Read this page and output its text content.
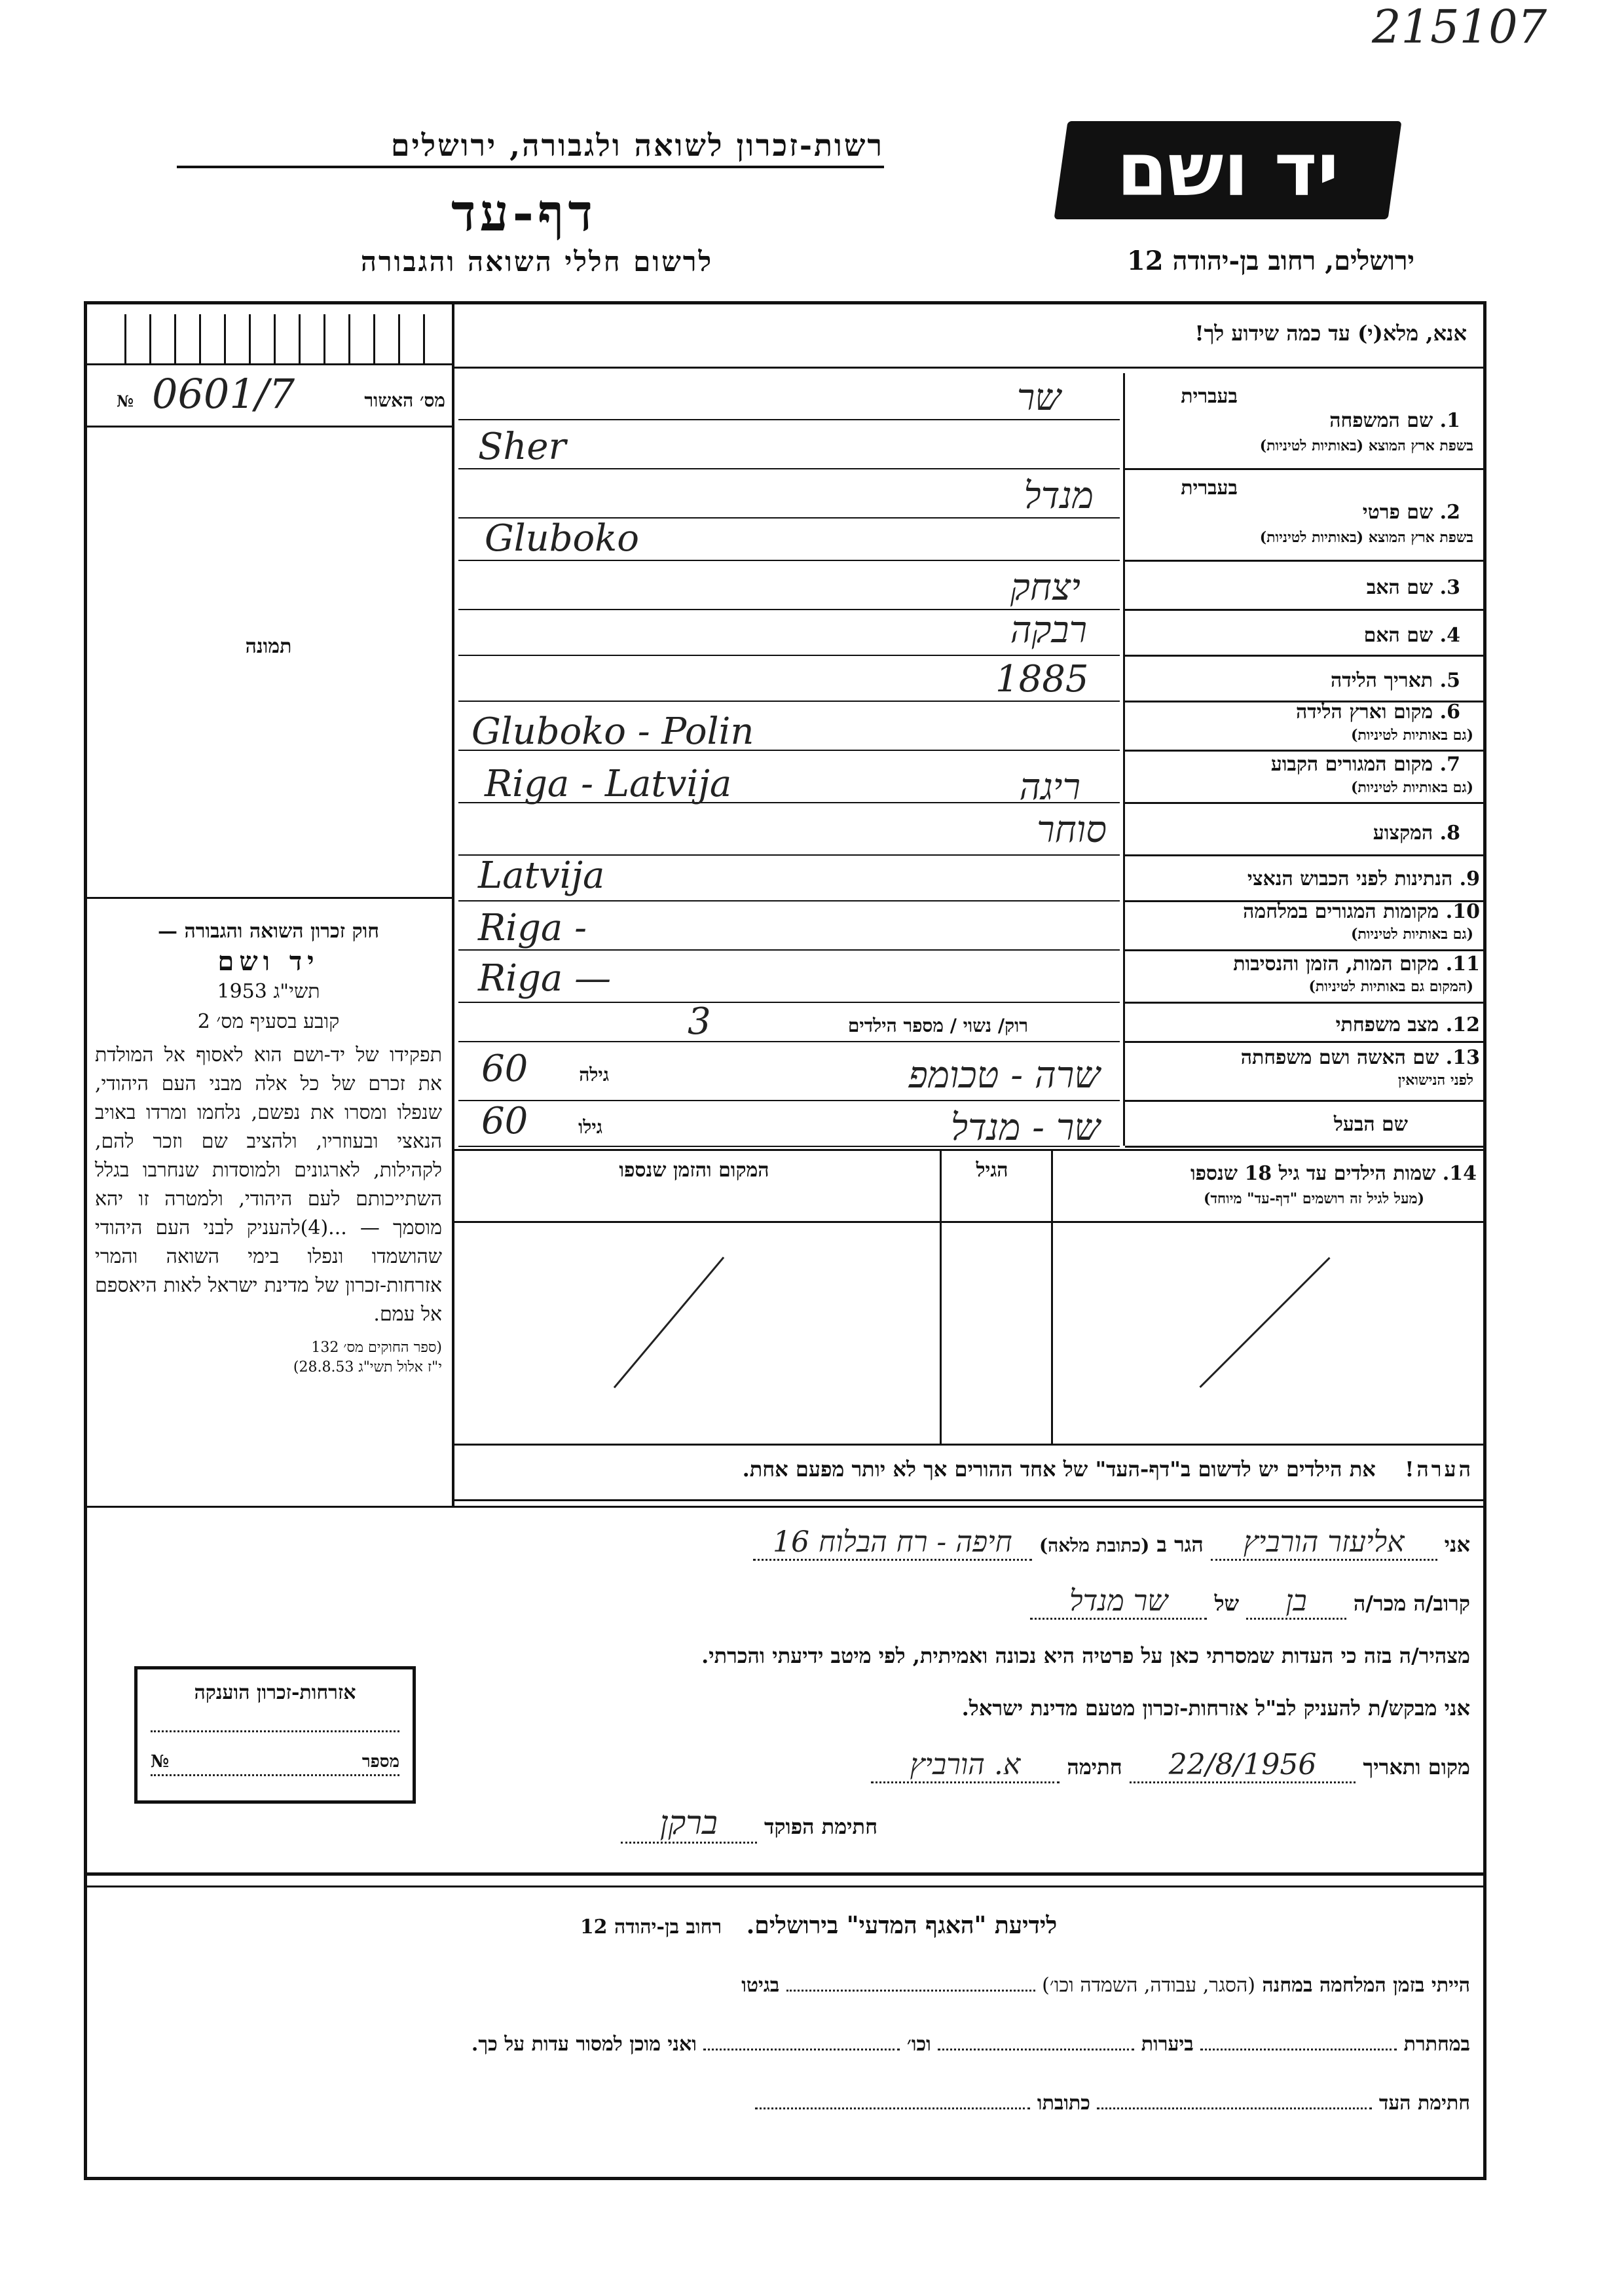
215107
רשות-זכרון לשואה ולגבורה, ירושלים
דף-עד
לרשום חללי השואה והגבורה
יד ושם
ירושלים, רחוב בן-יהודה 12
אנא, מלא(י) עד כמה שידוע לך!
№ 0601/7	מס׳ האשור
תמונה
חוק זכרון השואה והגבורה —
יד ושם
תשי"ג 1953
קובע בסעיף מס׳ 2
תפקידו של יד-ושם הוא לאסוף אל המולדת את זכרם של כל אלה מבני העם היהודי, שנפלו ומסרו את נפשם, נלחמו ומרדו באויב הנאצי ובעוזריו, ולהציב שם וזכר להם, לקהילות, לארגונים ולמוסדות שנחרבו בגלל השתייכותם לעם היהודי, ולמטרה זו יהא מוסמך — ...(4)להעניק לבני העם היהודי שהושמדו ונפלו בימי השואה והמרי אזרחות-זכרון של מדינת ישראל לאות היאספם אל עמם.
(ספר החוקים מס׳ 132
י"ז אלול תשי"ג 28.8.53)
בעברית
1. שם המשפחה
בשפת ארץ המוצא (באותיות לטיניות)
שר
Sher
בעברית
2. שם פרטי
בשפת ארץ המוצא (באותיות לטיניות)
מנדל
Gluboko
3. שם האב
יצחק
4. שם האם
רבקה
5. תאריך הלידה
1885
6. מקום וארץ הלידה
(גם באותיות לטיניות)
Gluboko - Polin
7. מקום המגורים הקבוע
(גם באותיות לטיניות)
Riga - Latvija	ריגה
8. המקצוע
סוחר
9. הנתינות לפני הכבוש הנאצי
Latvija
10. מקומות המגורים במלחמה
(גם באותיות לטיניות)
Riga -
11. מקום המות, הזמן והנסיבות
(המקום גם באותיות לטיניות)
Riga —
12. מצב משפחתי
רוק/ נשוי / מספר הילדים
3
13. שם האשה ושם משפחתה
לפני הנישואין
60	גילה	שרה - טכומפ
שם הבעל
60	גילו	שר - מנדל
14. שמות הילדים עד גיל 18 שנספו
(מעל לגיל זה רושמים "דף-עד" מיוחד)
הגיל
המקום והזמן שנספו
הערה!    את הילדים יש לדשום ב"דף-העד" של אחד ההורים אך לא יותר מפעם אחת.
אני אליעזר הורביץ הגר ב (כתובת מלאה) חיפה - רח הבלוח 16
קרוב/ה מכר/ה בן של שר מנדל
מצהיר/ה בזה כי העדות שמסרתי כאן על פרטיה היא נכונה ואמיתית, לפי מיטב ידיעתי והכרתי.
אני מבקש/ת להעניק לב"ל אזרחות-זכרון מטעם מדינת ישראל.
מקום ותאריך 22/8/1956 חתימה א. הורביץ
חתימת הפוקד ברקן
אזרחות-זכרון הוענקה
№	מספר
לידיעת "האגף המדעי" בירושלים.   רחוב בן-יהודה 12
הייתי בזמן המלחמה במחנה (הסגר, עבודה, השמדה וכו׳)  בגיטו
במחתרת  ביערות  וכו׳  ואני מוכן למסור עדות על כך.
חתימת העד  כתובתו
